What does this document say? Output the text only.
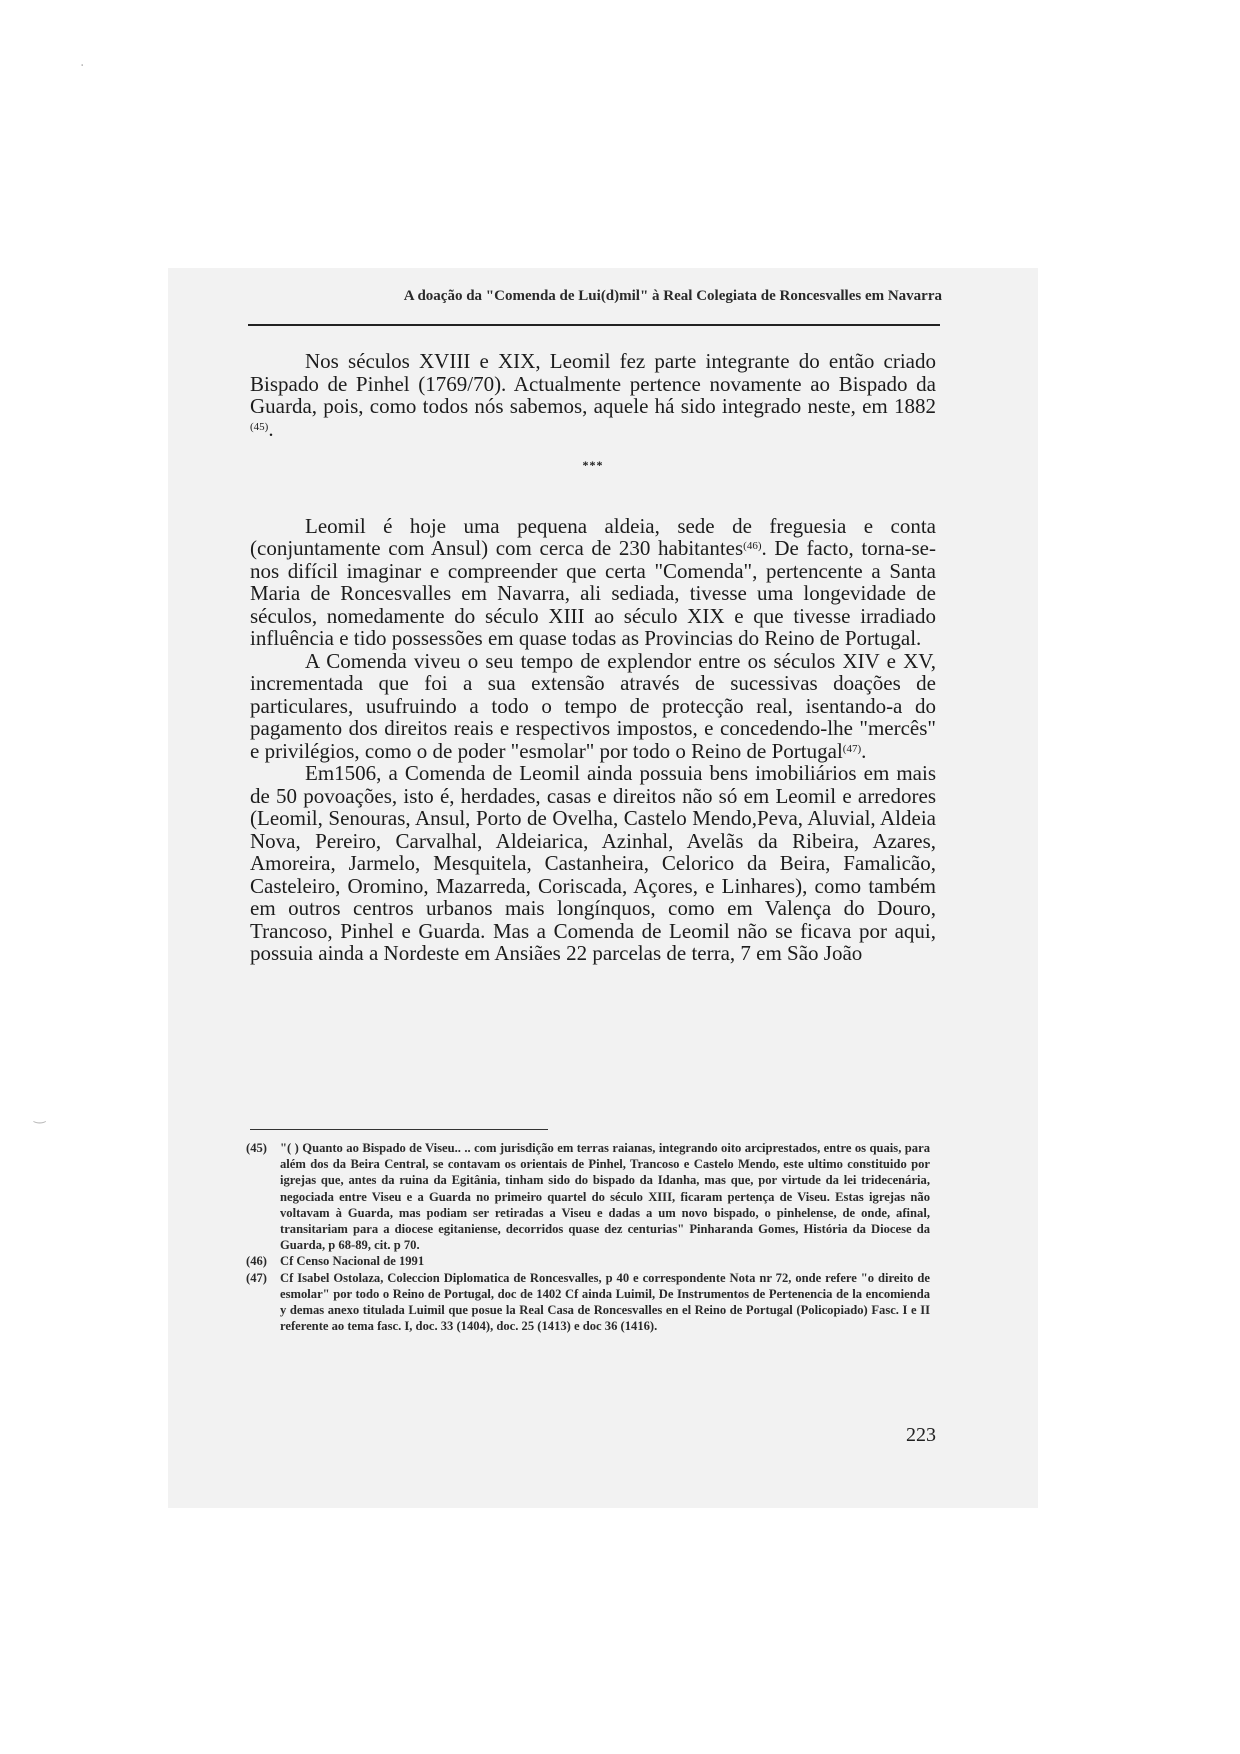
·
‿
A doação da "Comenda de Lui(d)mil" à Real Colegiata de Roncesvalles em Navarra

Nos séculos XVIII e XIX, Leomil fez parte integrante do então criado Bispado de Pinhel (1769/70). Actualmente pertence novamente ao Bispado da Guarda, pois, como todos nós sabemos, aquele há sido integrado neste, em 1882 $^{(45)}$.

***

Leomil é hoje uma pequena aldeia, sede de freguesia e conta (conjuntamente com Ansul) com cerca de 230 habitantes$^{(46)}$. De facto, torna-se-nos difícil imaginar e compreender que certa "Comenda", pertencente a Santa Maria de Roncesvalles em Navarra, ali sediada, tivesse uma longevidade de séculos, nomedamente do século XIII ao século XIX e que tivesse irradiado influência e tido possessões em quase todas as Provincias do Reino de Portugal.

A Comenda viveu o seu tempo de explendor entre os séculos XIV e XV, incrementada que foi a sua extensão através de sucessivas doações de particulares, usufruindo a todo o tempo de protecção real, isentando-a do pagamento dos direitos reais e respectivos impostos, e concedendo-lhe "mercês" e privilégios, como o de poder "esmolar" por todo o Reino de Portugal$^{(47)}$.

Em1506, a Comenda de Leomil ainda possuia bens imobiliários em mais de 50 povoações, isto é, herdades, casas e direitos não só em Leomil e arredores (Leomil, Senouras, Ansul, Porto de Ovelha, Castelo Mendo,Peva, Aluvial, Aldeia Nova, Pereiro, Carvalhal, Aldeiarica, Azinhal, Avelãs da Ribeira, Azares, Amoreira, Jarmelo, Mesquitela, Castanheira, Celorico da Beira, Famalicão, Casteleiro, Oromino, Mazarreda, Coriscada, Açores, e Linhares), como também em outros centros urbanos mais longínquos, como em Valença do Douro, Trancoso, Pinhel e Guarda. Mas a Comenda de Leomil não se ficava por aqui, possuia ainda a Nordeste em Ansiães 22 parcelas de terra, 7 em São João

(45)	"( ) Quanto ao Bispado de Viseu.. .. com jurisdição em terras raianas, integrando oito arciprestados, entre os quais, para além dos da Beira Central, se contavam os orientais de Pinhel, Trancoso e Castelo Mendo, este ultimo constituido por igrejas que, antes da ruina da Egitânia, tinham sido do bispado da Idanha, mas que, por virtude da lei tridecenária, negociada entre Viseu e a Guarda no primeiro quartel do século XIII, ficaram pertença de Viseu. Estas igrejas não voltavam à Guarda, mas podiam ser retiradas a Viseu e dadas a um novo bispado, o pinhelense, de onde, afinal, transitariam para a diocese egitaniense, decorridos quase dez centurias" Pinharanda Gomes, História da Diocese da Guarda, p 68-89, cit. p 70.
(46)	Cf Censo Nacional de 1991
(47)	Cf Isabel Ostolaza, Coleccion Diplomatica de Roncesvalles, p 40 e correspondente Nota nr 72, onde refere "o direito de esmolar" por todo o Reino de Portugal, doc de 1402 Cf ainda Luimil, De Instrumentos de Pertenencia de la encomienda y demas anexo titulada Luimil que posue la Real Casa de Roncesvalles en el Reino de Portugal (Policopiado) Fasc. I e II referente ao tema fasc. I, doc. 33 (1404), doc. 25 (1413) e doc 36 (1416).
223
